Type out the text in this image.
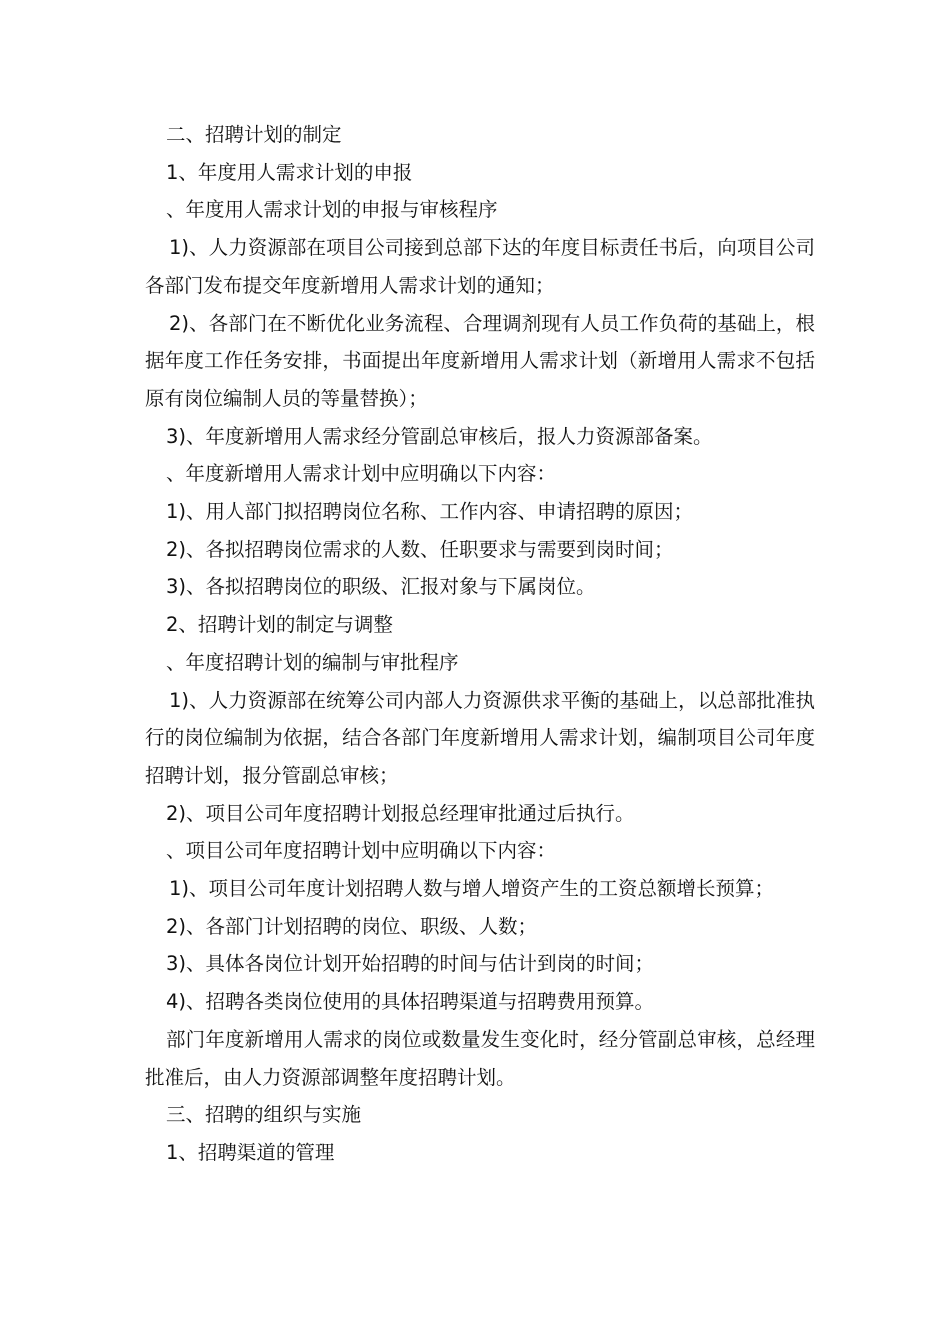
二、招聘计划的制定

1、年度用人需求计划的申报

、年度用人需求计划的申报与审核程序

1)、人力资源部在项目公司接到总部下达的年度目标责任书后，向项目公司各部门发布提交年度新增用人需求计划的通知；

2)、各部门在不断优化业务流程、合理调剂现有人员工作负荷的基础上，根据年度工作任务安排，书面提出年度新增用人需求计划（新增用人需求不包括原有岗位编制人员的等量替换）；

3)、年度新增用人需求经分管副总审核后，报人力资源部备案。

、年度新增用人需求计划中应明确以下内容：

1)、用人部门拟招聘岗位名称、工作内容、申请招聘的原因；

2)、各拟招聘岗位需求的人数、任职要求与需要到岗时间；

3)、各拟招聘岗位的职级、汇报对象与下属岗位。

2、招聘计划的制定与调整

、年度招聘计划的编制与审批程序

1)、人力资源部在统筹公司内部人力资源供求平衡的基础上，以总部批准执行的岗位编制为依据，结合各部门年度新增用人需求计划，编制项目公司年度招聘计划，报分管副总审核；

2)、项目公司年度招聘计划报总经理审批通过后执行。

、项目公司年度招聘计划中应明确以下内容：

1)、项目公司年度计划招聘人数与增人增资产生的工资总额增长预算；

2)、各部门计划招聘的岗位、职级、人数；

3)、具体各岗位计划开始招聘的时间与估计到岗的时间；

4)、招聘各类岗位使用的具体招聘渠道与招聘费用预算。

部门年度新增用人需求的岗位或数量发生变化时，经分管副总审核，总经理批准后，由人力资源部调整年度招聘计划。

三、招聘的组织与实施

1、招聘渠道的管理
